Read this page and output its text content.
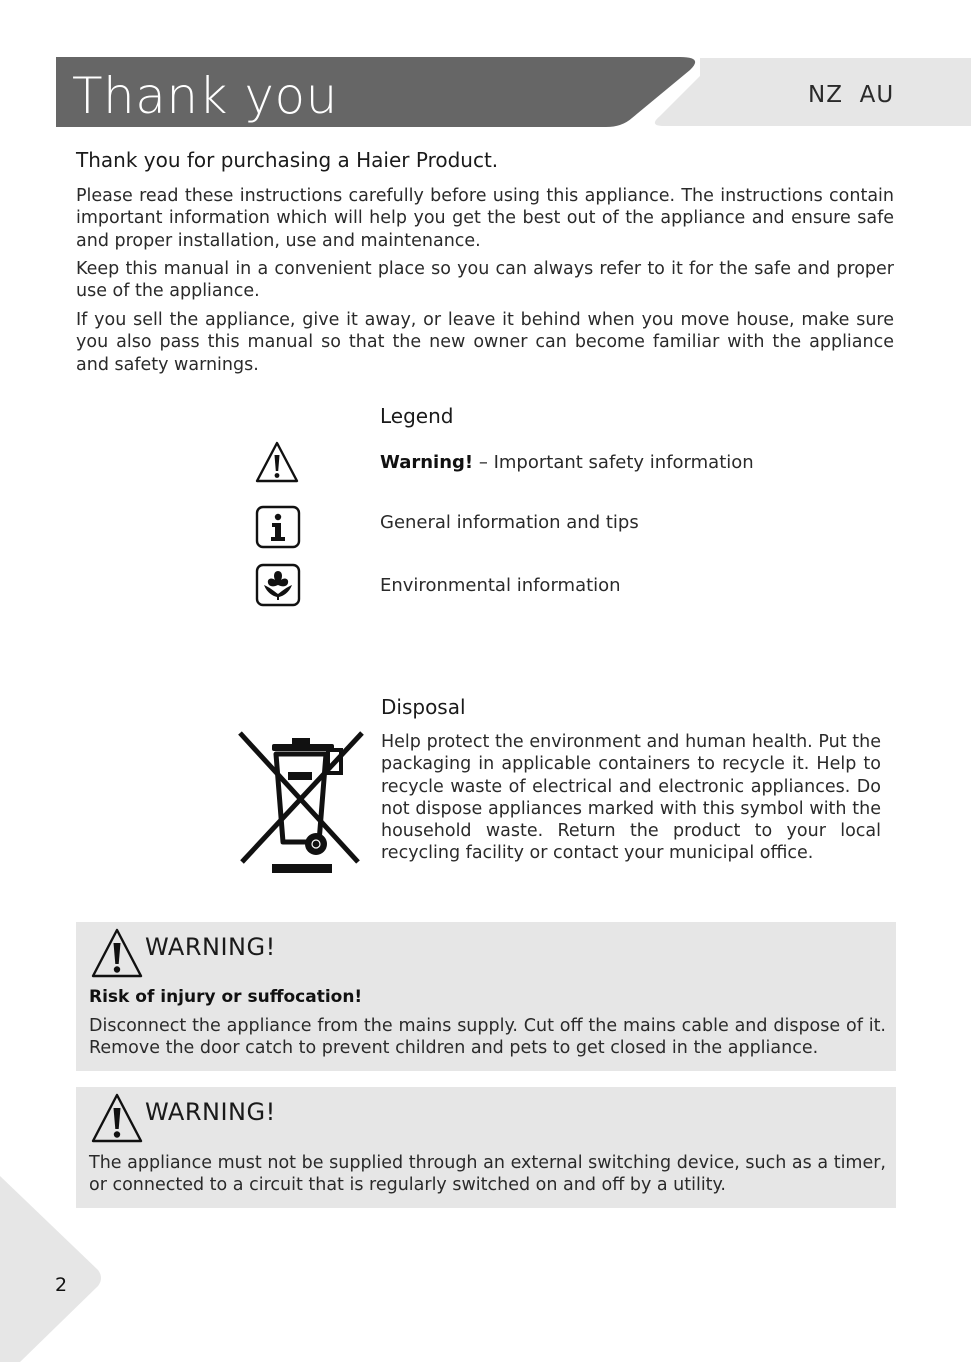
Thank you	NZ  AU
Thank you for purchasing a Haier Product.

Please read these instructions carefully before using this appliance. The instructions contain important information which will help you get the best out of the appliance and ensure safe and proper installation, use and maintenance.

Keep this manual in a convenient place so you can always refer to it for the safe and proper use of the appliance.

If you sell the appliance, give it away, or leave it behind when you move house, make sure you also pass this manual so that the new owner can become familiar with the appliance and safety warnings.

Legend
Warning! – Important safety information
General information and tips
Environmental information
Disposal

Help protect the environment and human health. Put the packaging in applicable containers to recycle it. Help to recycle waste of electrical and electronic appliances. Do not dispose appliances marked with this symbol with the household waste. Return the product to your local recycling facility or contact your municipal office.

WARNING!
Risk of injury or suffocation!

Disconnect the appliance from the mains supply. Cut off the mains cable and dispose of it. Remove the door catch to prevent children and pets to get closed in the appliance.

WARNING!

The appliance must not be supplied through an external switching device, such as a timer, or connected to a circuit that is regularly switched on and off by a utility.

2
